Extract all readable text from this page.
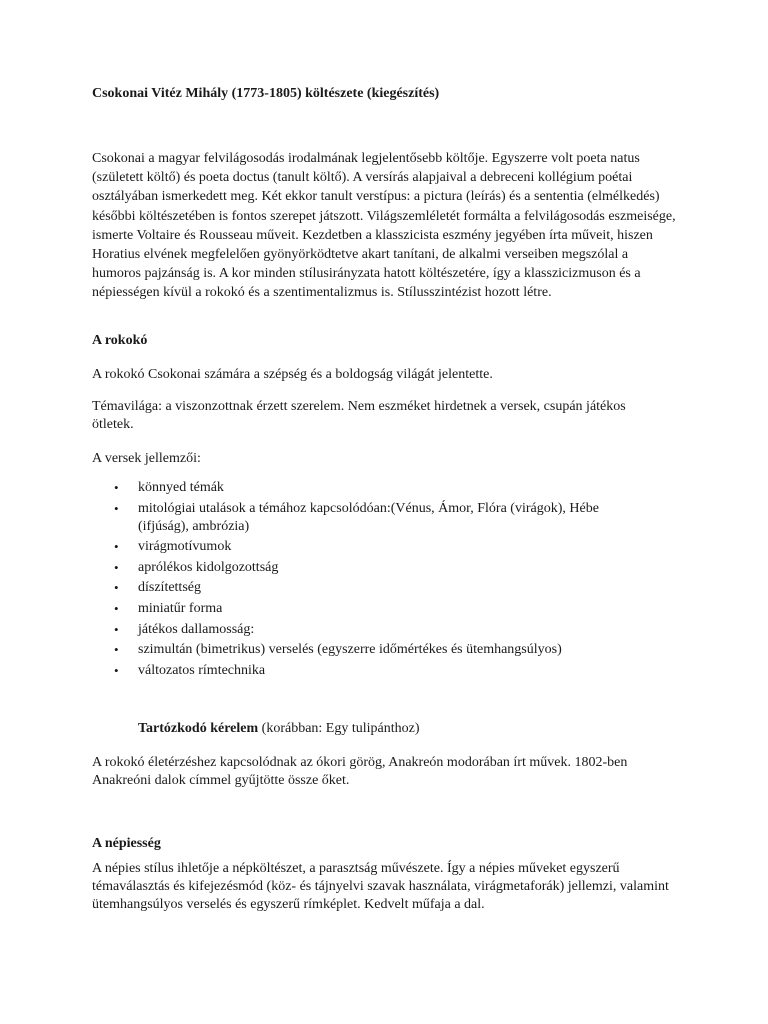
Csokonai Vitéz Mihály (1773-1805) költészete (kiegészítés)

Csokonai a magyar felvilágosodás irodalmának legjelentősebb költője. Egyszerre volt poeta natus (született költő) és poeta doctus (tanult költő). A versírás alapjaival a debreceni kollégium poétai osztályában ismerkedett meg. Két ekkor tanult verstípus: a pictura (leírás) és a sententia (elmélkedés) későbbi költészetében is fontos szerepet játszott. Világszemléletét formálta a felvilágosodás eszmeisége, ismerte Voltaire és Rousseau műveit. Kezdetben a klasszicista eszmény jegyében írta műveit, hiszen Horatius elvének megfelelően gyönyörködtetve akart tanítani, de alkalmi verseiben megszólal a humoros pajzánság is. A kor minden stílusirányzata hatott költészetére, így a klasszicizmuson és a népiességen kívül a rokokó és a szentimentalizmus is. Stílusszintézist hozott létre.

A rokokó

A rokokó Csokonai számára a szépség és a boldogság világát jelentette.

Témavilága: a viszonzottnak érzett szerelem. Nem eszméket hirdetnek a versek, csupán játékos ötletek.

A versek jellemzői:

• könnyed témák
• mitológiai utalások a témához kapcsolódóan:(Vénus, Ámor, Flóra (virágok), Hébe (ifjúság), ambrózia)
• virágmotívumok
• aprólékos kidolgozottság
• díszítettség
• miniatűr forma
• játékos dallamosság:
• szimultán (bimetrikus) verselés (egyszerre időmértékes és ütemhangsúlyos)
• változatos rímtechnika

Tartózkodó kérelem (korábban: Egy tulipánthoz)

A rokokó életérzéshez kapcsolódnak az ókori görög, Anakreón modorában írt művek. 1802-ben Anakreóni dalok címmel gyűjtötte össze őket.

A népiesség

A népies stílus ihletője a népköltészet, a parasztság művészete. Így a népies műveket egyszerű témaválasztás és kifejezésmód (köz- és tájnyelvi szavak használata, virágmetaforák) jellemzi, valamint ütemhangsúlyos verselés és egyszerű rímképlet. Kedvelt műfaja a dal.
